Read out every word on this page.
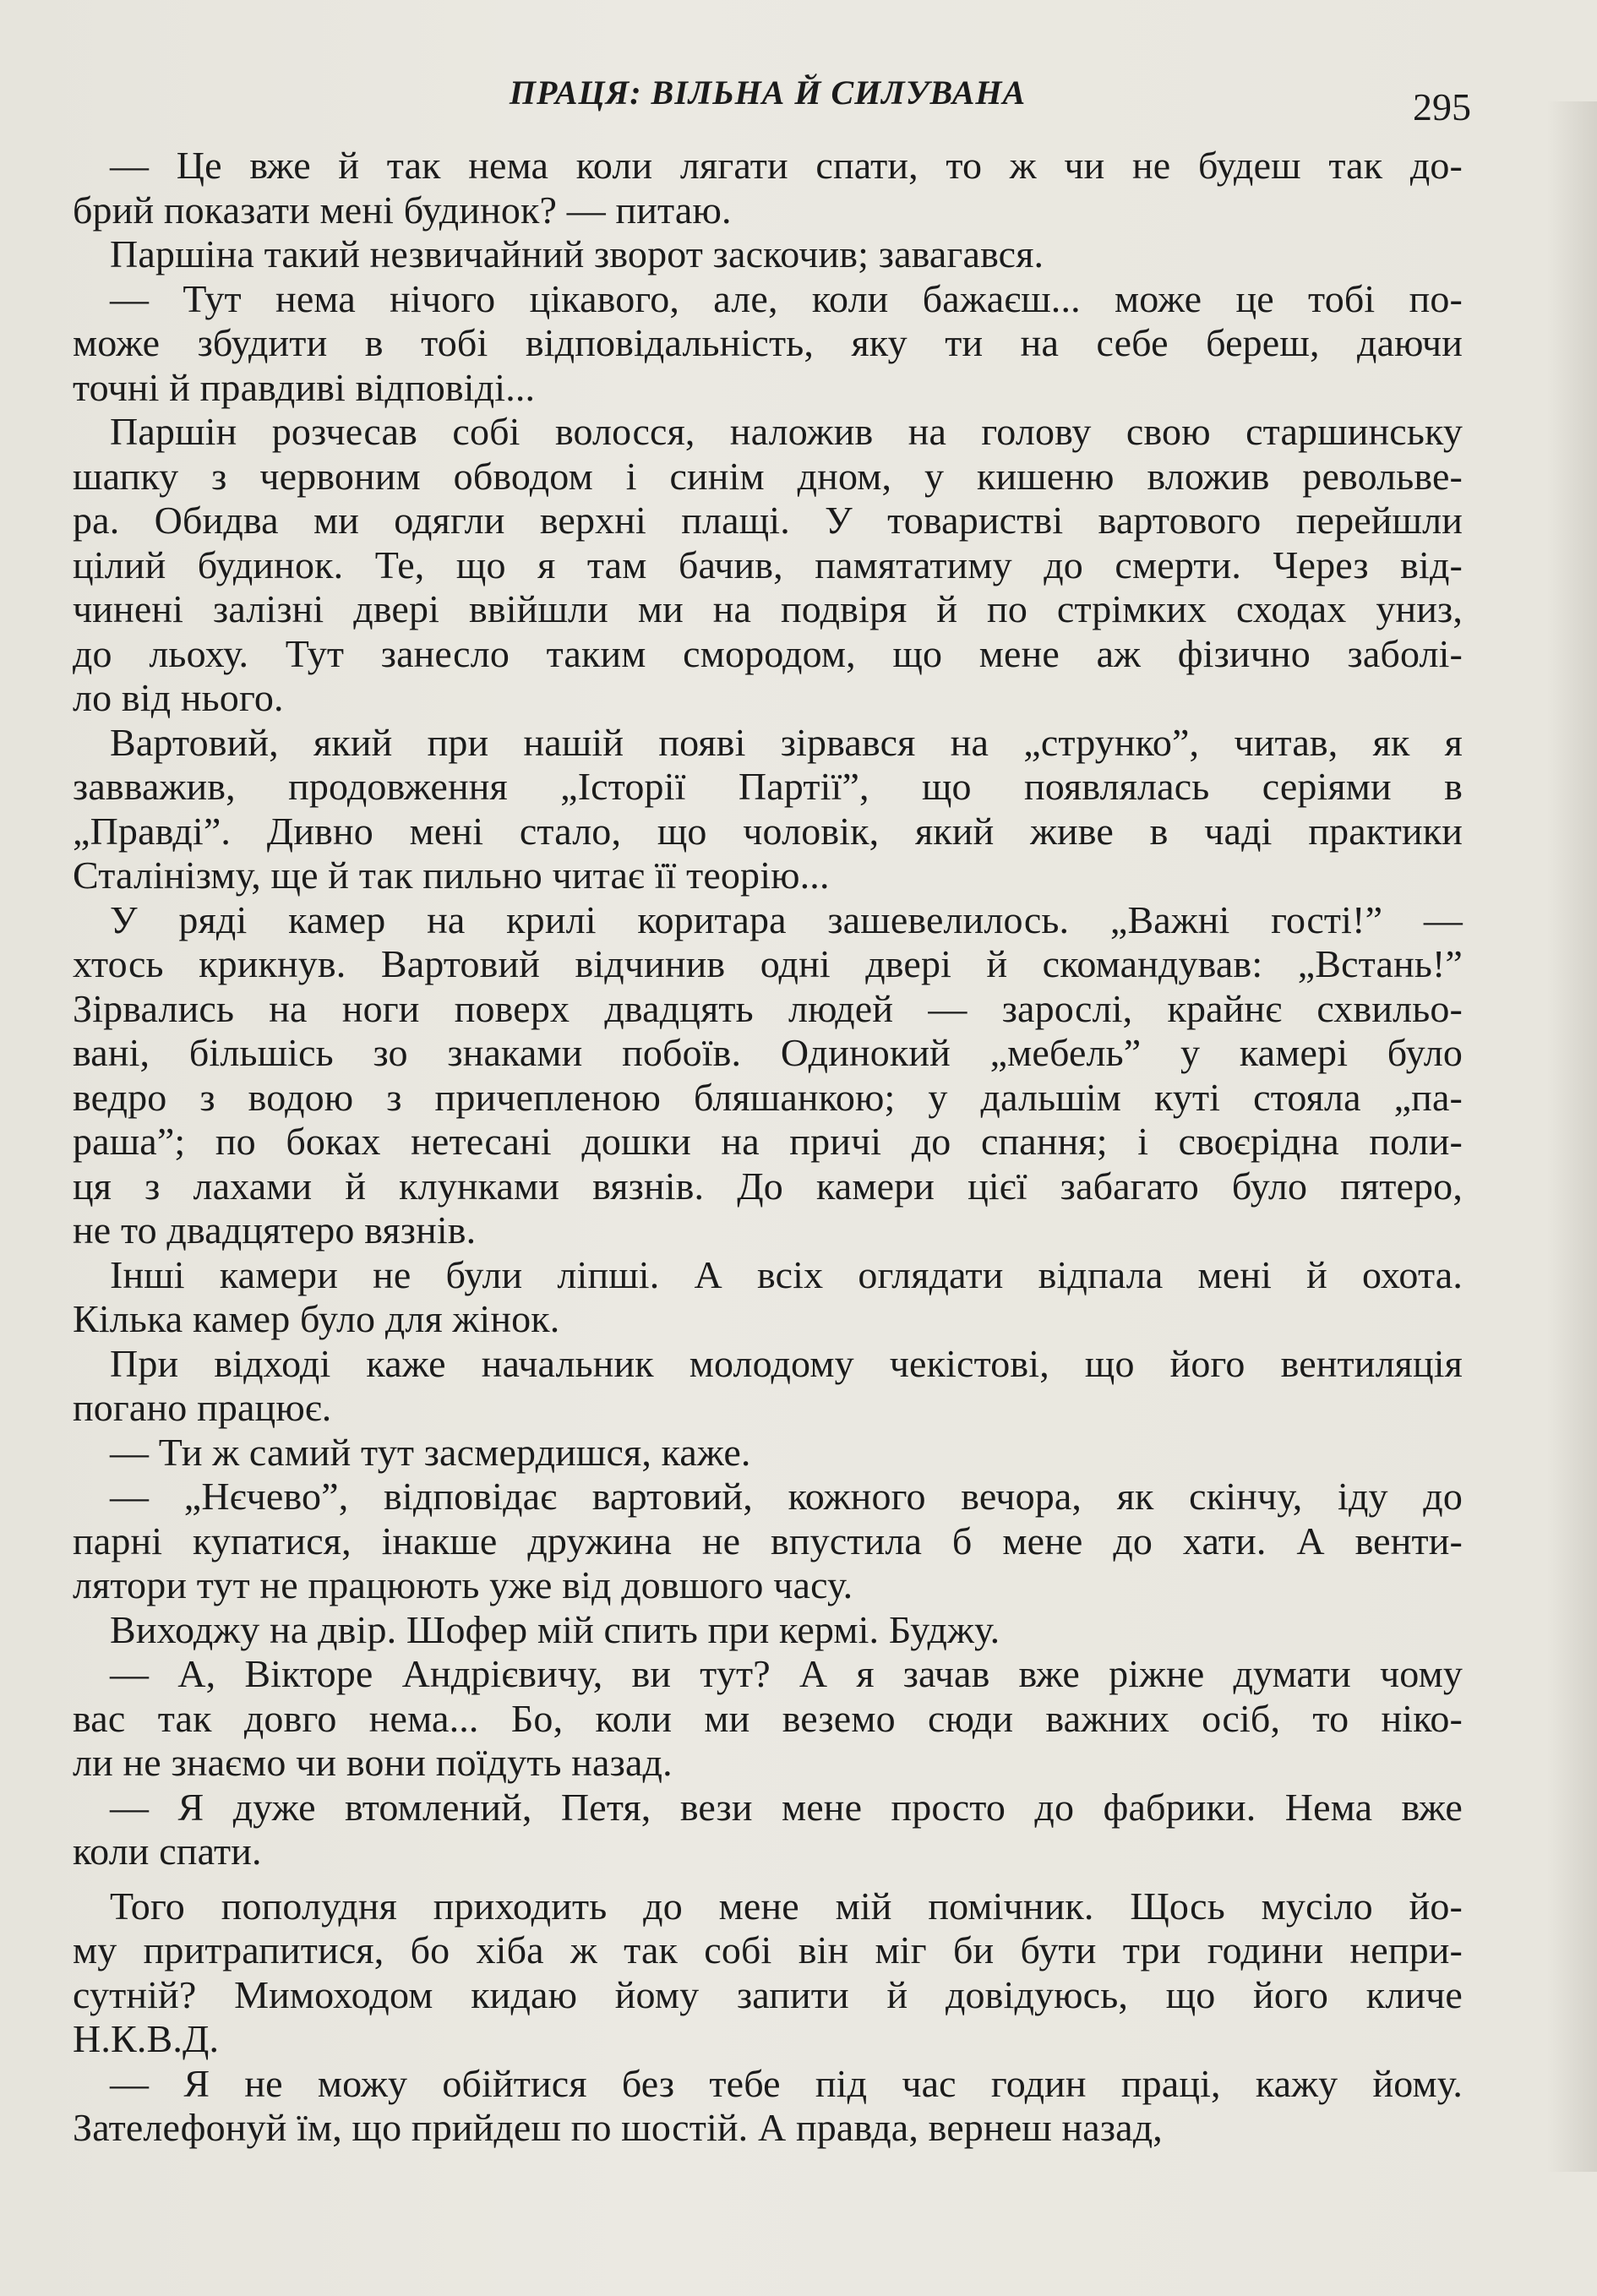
ПРАЦЯ: ВІЛЬНА Й СИЛУВАНА	295
— Це вже й так нема коли лягати спати, то ж чи не будеш так до-
брий показати мені будинок? — питаю.
Паршіна такий незвичайний зворот заскочив; завагався.
— Тут нема нічого цікавого, але, коли бажаєш... може це тобі по-
може збудити в тобі відповідальність, яку ти на себе береш, даючи
точні й правдиві відповіді...
Паршін розчесав собі волосся, наложив на голову свою старшинську
шапку з червоним обводом і синім дном, у кишеню вложив револьве-
ра. Обидва ми одягли верхні плащі. У товаристві вартового перейшли
цілий будинок. Те, що я там бачив, памятатиму до смерти. Через від-
чинені залізні двері ввійшли ми на подвіря й по стрімких сходах униз,
до льоху. Тут занесло таким смородом, що мене аж фізично заболі-
ло від нього.
Вартовий, який при нашій появі зірвався на „струнко”, читав, як я
завважив, продовження „Історії Партії”, що появлялась серіями в
„Правді”. Дивно мені стало, що чоловік, який живе в чаді практики
Сталінізму, ще й так пильно читає її теорію...
У ряді камер на крилі коритара зашевелилось. „Важні гості!” —
хтось крикнув. Вартовий відчинив одні двері й скомандував: „Встань!”
Зірвались на ноги поверх двадцять людей — зарослі, крайнє схвильо-
вані, більшісь зо знаками побоїв. Одинокий „мебель” у камері було
ведро з водою з причепленою бляшанкою; у дальшім куті стояла „па-
раша”; по боках нетесані дошки на причі до спання; і своєрідна поли-
ця з лахами й клунками вязнів. До камери цієї забагато було пятеро,
не то двадцятеро вязнів.
Інші камери не були ліпші. А всіх оглядати відпала мені й охота.
Кілька камер було для жінок.
При відході каже начальник молодому чекістові, що його вентиляція
погано працює.
— Ти ж самий тут засмердишся, каже.
— „Нєчево”, відповідає вартовий, кожного вечора, як скінчу, іду до
парні купатися, інакше дружина не впустила б мене до хати. А венти-
лятори тут не працюють уже від довшого часу.
Виходжу на двір. Шофер мій спить при кермі. Буджу.
— А, Вікторе Андрієвичу, ви тут? А я зачав вже ріжне думати чому
вас так довго нема... Бо, коли ми веземо сюди важних осіб, то ніко-
ли не знаємо чи вони поїдуть назад.
— Я дуже втомлений, Петя, вези мене просто до фабрики. Нема вже
коли спати.
Того пополудня приходить до мене мій помічник. Щось мусіло йо-
му притрапитися, бо хіба ж так собі він міг би бути три години непри-
сутній? Мимоходом кидаю йому запити й довідуюсь, що його кличе
Н.К.В.Д.
— Я не можу обійтися без тебе під час годин праці, кажу йому.
Зателефонуй їм, що прийдеш по шостій. А правда, вернеш назад,
